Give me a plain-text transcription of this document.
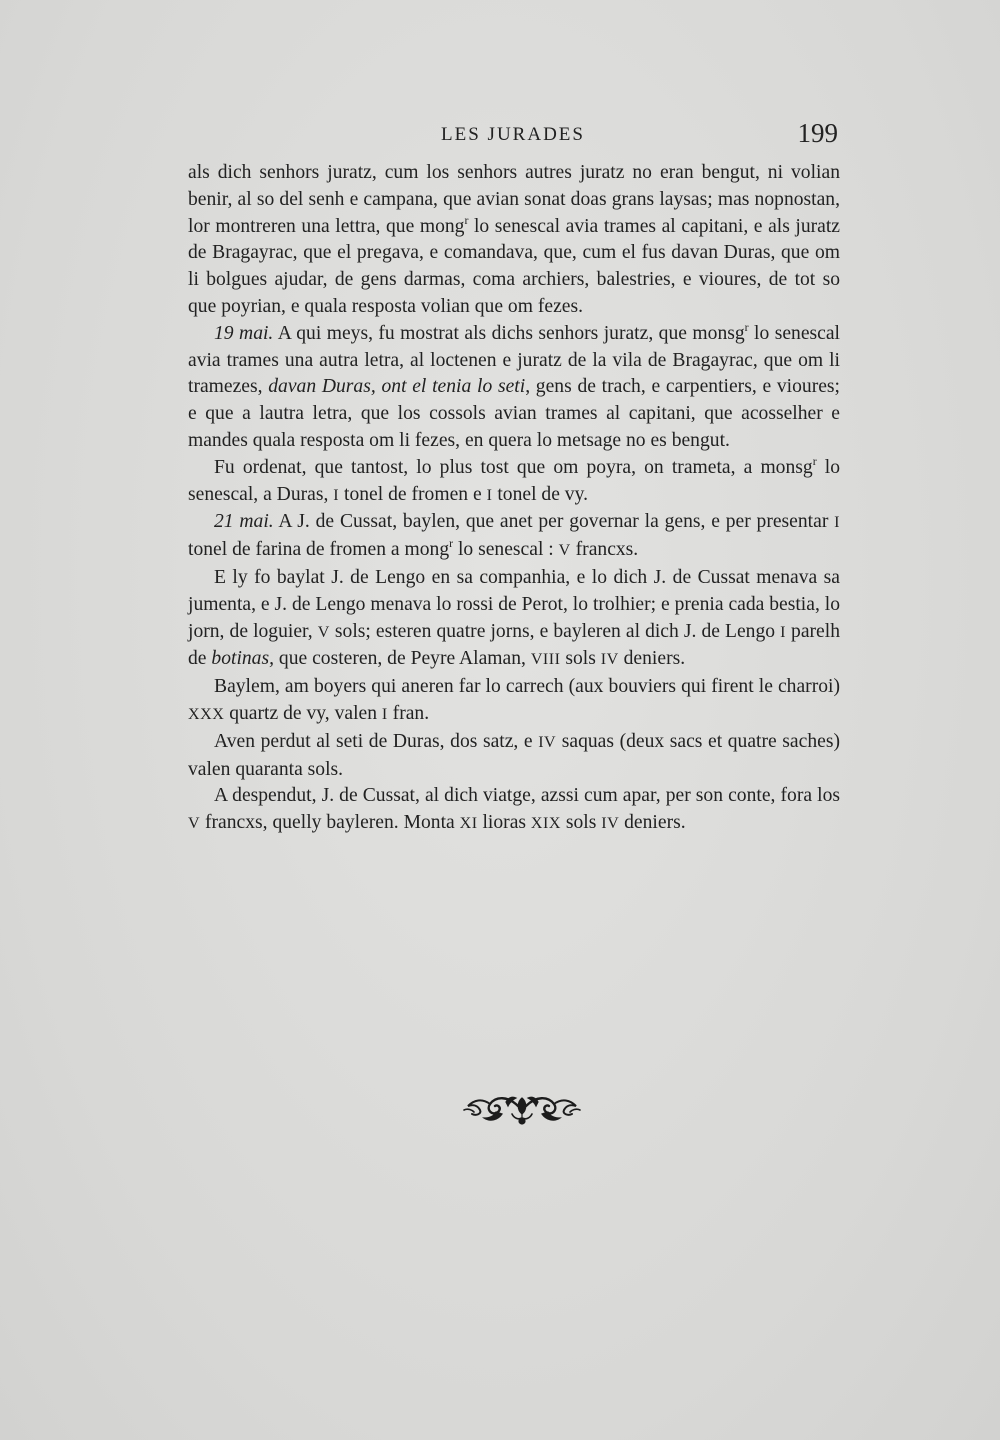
LES JURADES	199

als dich senhors juratz, cum los senhors autres juratz no eran bengut, ni volian benir, al so del senh e campana, que avian sonat doas grans laysas; mas nopnostan, lor montreren una lettra, que mong$^r$ lo senescal avia trames al capitani, e als juratz de Bragayrac, que el pregava, e comandava, que, cum el fus davan Duras, que om li bolgues ajudar, de gens darmas, coma archiers, balestries, e vioures, de tot so que poyrian, e quala resposta volian que om fezes.

19 mai. A qui meys, fu mostrat als dichs senhors juratz, que monsg$^r$ lo senescal avia trames una autra letra, al loctenen e juratz de la vila de Bragayrac, que om li tramezes, davan Duras, ont el tenia lo seti, gens de trach, e carpentiers, e vioures; e que a lautra letra, que los cossols avian trames al capitani, que acosselher e mandes quala resposta om li fezes, en quera lo metsage no es bengut.

Fu ordenat, que tantost, lo plus tost que om poyra, on trameta, a monsg$^r$ lo senescal, a Duras, I tonel de fromen e I tonel de vy.

21 mai. A J. de Cussat, baylen, que anet per governar la gens, e per presentar I tonel de farina de fromen a mong$^r$ lo senescal : V francxs.

E ly fo baylat J. de Lengo en sa companhia, e lo dich J. de Cussat menava sa jumenta, e J. de Lengo menava lo rossi de Perot, lo trolhier; e prenia cada bestia, lo jorn, de loguier, V sols; esteren quatre jorns, e bayleren al dich J. de Lengo I parelh de botinas, que costeren, de Peyre Alaman, VIII sols IV deniers.

Baylem, am boyers qui aneren far lo carrech (aux bouviers qui firent le charroi) XXX quartz de vy, valen I fran.

Aven perdut al seti de Duras, dos satz, e IV saquas (deux sacs et quatre saches) valen quaranta sols.

A despendut, J. de Cussat, al dich viatge, azssi cum apar, per son conte, fora los V francxs, quelly bayleren. Monta XI lioras XIX sols IV deniers.
